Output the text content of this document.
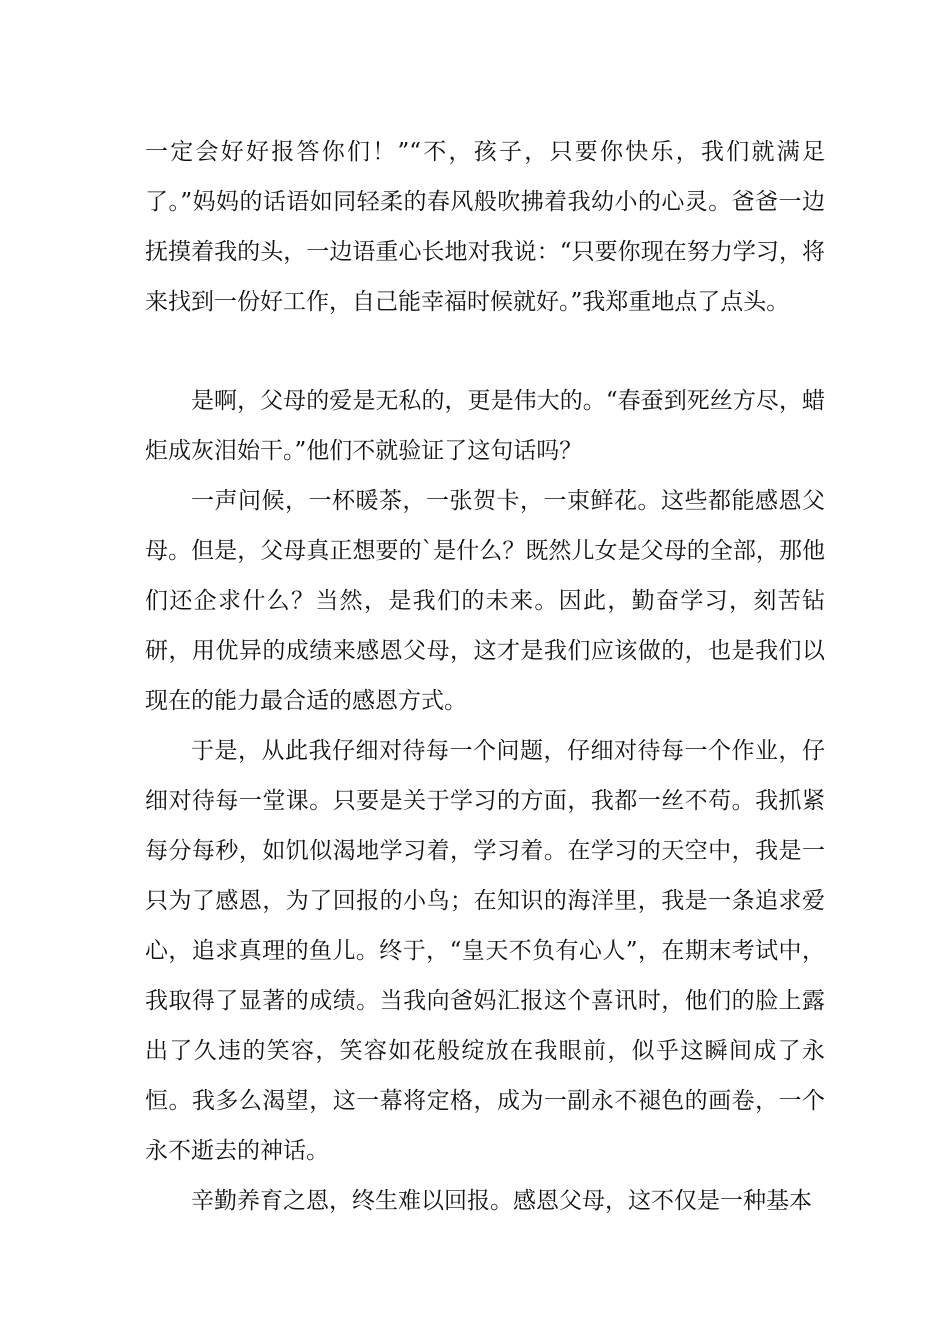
一定会好好报答你们！”“不，孩子，只要你快乐，我们就满足了。”妈妈的话语如同轻柔的春风般吹拂着我幼小的心灵。爸爸一边抚摸着我的头，一边语重心长地对我说：“只要你现在努力学习，将来找到一份好工作，自己能幸福时候就好。”我郑重地点了点头。

是啊，父母的爱是无私的，更是伟大的。“春蚕到死丝方尽，蜡炬成灰泪始干。”他们不就验证了这句话吗？

一声问候，一杯暖茶，一张贺卡，一束鲜花。这些都能感恩父母。但是，父母真正想要的`是什么？既然儿女是父母的全部，那他们还企求什么？当然，是我们的未来。因此，勤奋学习，刻苦钻研，用优异的成绩来感恩父母，这才是我们应该做的，也是我们以现在的能力最合适的感恩方式。

于是，从此我仔细对待每一个问题，仔细对待每一个作业，仔细对待每一堂课。只要是关于学习的方面，我都一丝不苟。我抓紧每分每秒，如饥似渴地学习着，学习着。在学习的天空中，我是一只为了感恩，为了回报的小鸟；在知识的海洋里，我是一条追求爱心，追求真理的鱼儿。终于，“皇天不负有心人”，在期末考试中，我取得了显著的成绩。当我向爸妈汇报这个喜讯时，他们的脸上露出了久违的笑容，笑容如花般绽放在我眼前，似乎这瞬间成了永恒。我多么渴望，这一幕将定格，成为一副永不褪色的画卷，一个永不逝去的神话。

辛勤养育之恩，终生难以回报。感恩父母，这不仅是一种基本
